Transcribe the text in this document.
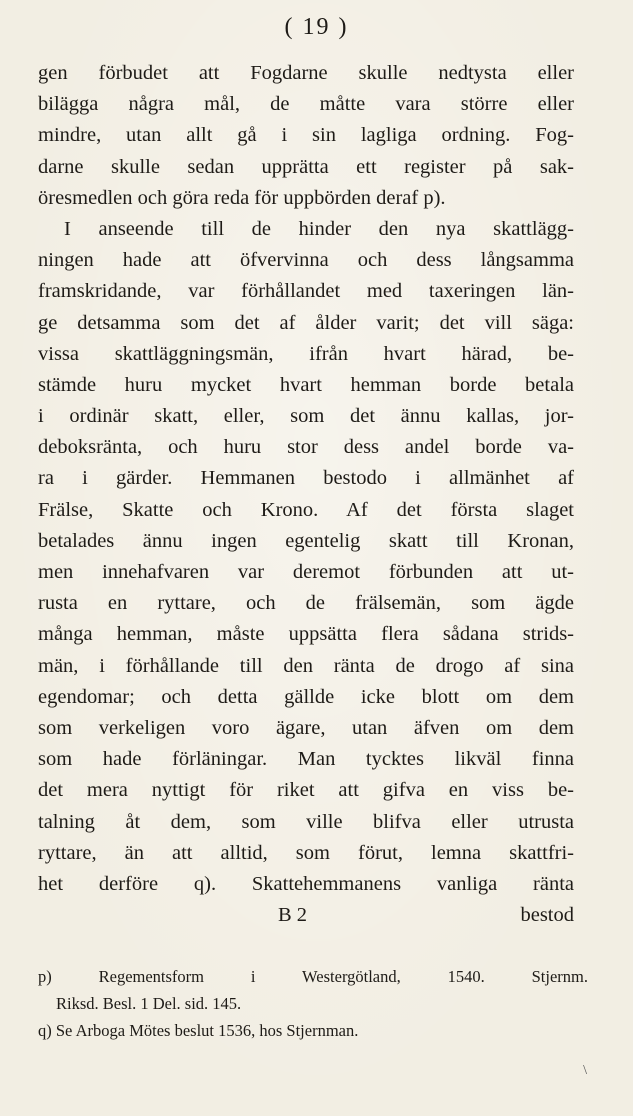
( 19 )
gen förbudet att Fogdarne skulle nedtysta eller
bilägga några mål, de måtte vara större eller
mindre, utan allt gå i sin lagliga ordning. Fog-
darne skulle sedan upprätta ett register på sak-
öresmedlen och göra reda för uppbörden deraf p).
I anseende till de hinder den nya skattlägg-
ningen hade att öfvervinna och dess långsamma
framskridande, var förhållandet med taxeringen län-
ge detsamma som det af ålder varit; det vill säga:
vissa skattläggningsmän, ifrån hvart härad, be-
stämde huru mycket hvart hemman borde betala
i ordinär skatt, eller, som det ännu kallas, jor-
deboksränta, och huru stor dess andel borde va-
ra i gärder. Hemmanen bestodo i allmänhet af
Frälse, Skatte och Krono. Af det första slaget
betalades ännu ingen egentelig skatt till Kronan,
men innehafvaren var deremot förbunden att ut-
rusta en ryttare, och de frälsemän, som ägde
många hemman, måste uppsätta flera sådana strids-
män, i förhållande till den ränta de drogo af sina
egendomar; och detta gällde icke blott om dem
som verkeligen voro ägare, utan äfven om dem
som hade förläningar. Man tycktes likväl finna
det mera nyttigt för riket att gifva en viss be-
talning åt dem, som ville blifva eller utrusta
ryttare, än att alltid, som förut, lemna skattfri-
het derföre q). Skattehemmanens vanliga ränta
B 2	bestod
p) Regementsform i Westergötland, 1540. Stjernm.
Riksd. Besl. 1 Del. sid. 145.
q) Se Arboga Mötes beslut 1536, hos Stjernman.
\
